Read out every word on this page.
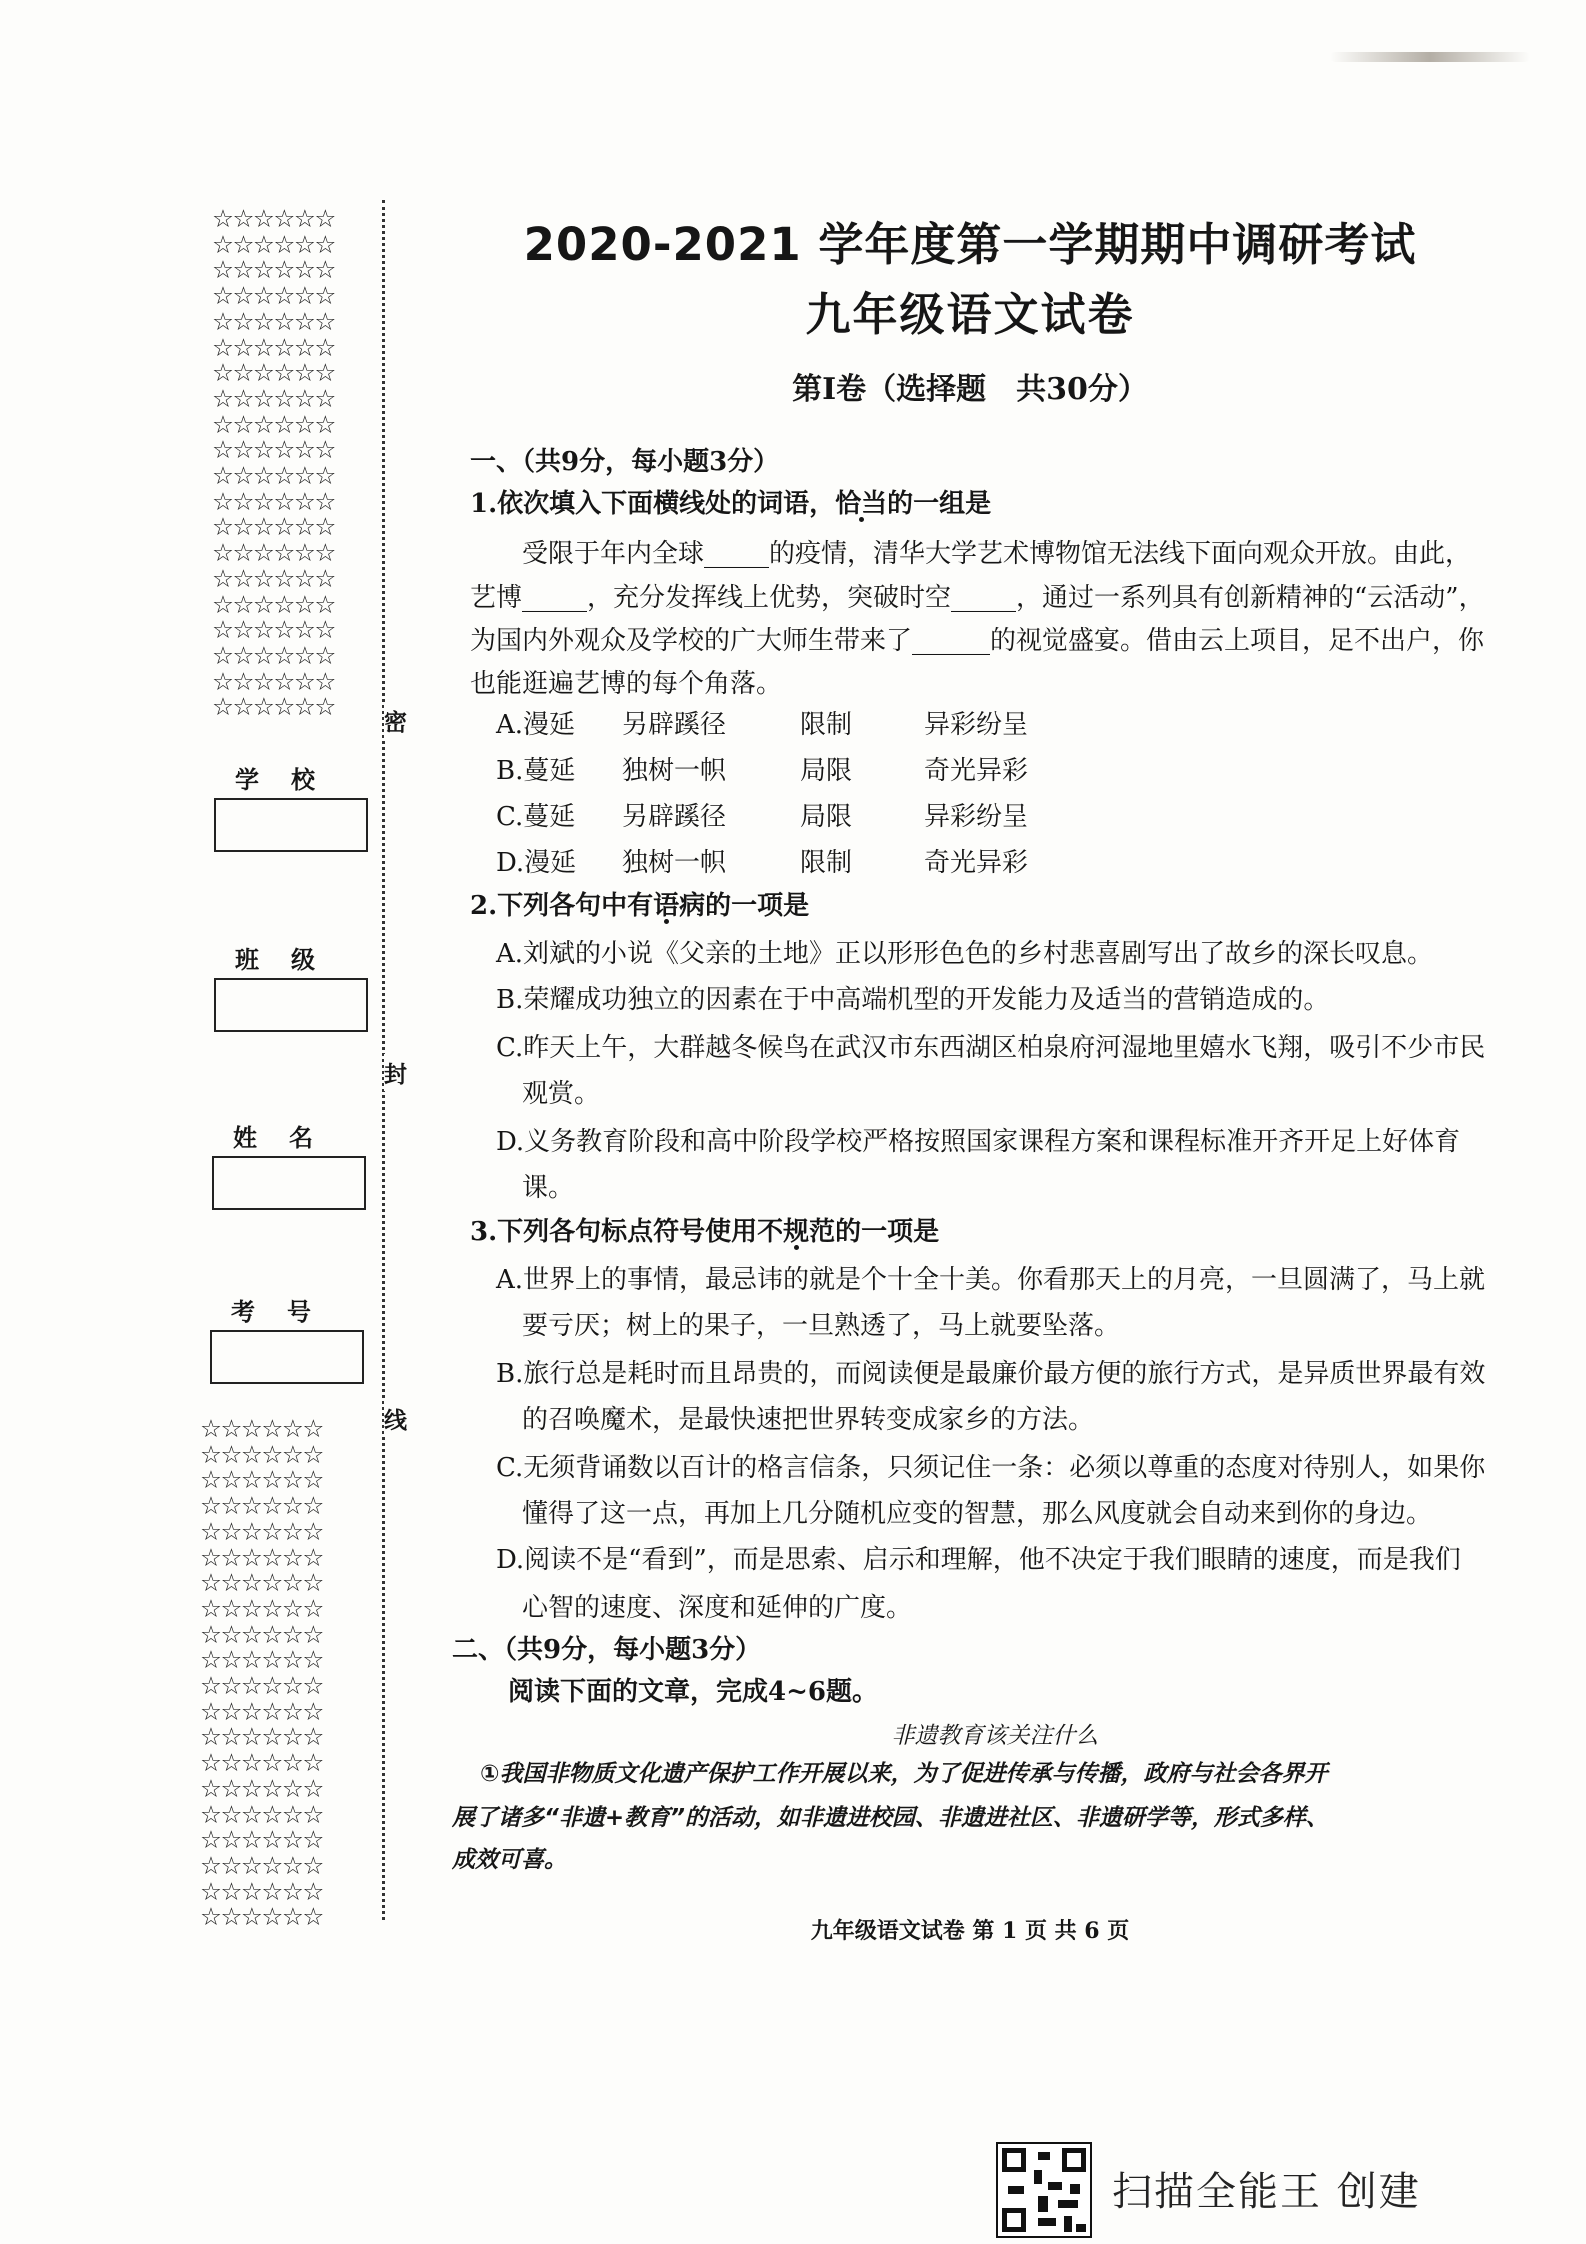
☆☆☆☆☆☆
☆☆☆☆☆☆
☆☆☆☆☆☆
☆☆☆☆☆☆
☆☆☆☆☆☆
☆☆☆☆☆☆
☆☆☆☆☆☆
☆☆☆☆☆☆
☆☆☆☆☆☆
☆☆☆☆☆☆
☆☆☆☆☆☆
☆☆☆☆☆☆
☆☆☆☆☆☆
☆☆☆☆☆☆
☆☆☆☆☆☆
☆☆☆☆☆☆
☆☆☆☆☆☆
☆☆☆☆☆☆
☆☆☆☆☆☆
☆☆☆☆☆☆
学校
班级
姓名
考号
☆☆☆☆☆☆
☆☆☆☆☆☆
☆☆☆☆☆☆
☆☆☆☆☆☆
☆☆☆☆☆☆
☆☆☆☆☆☆
☆☆☆☆☆☆
☆☆☆☆☆☆
☆☆☆☆☆☆
☆☆☆☆☆☆
☆☆☆☆☆☆
☆☆☆☆☆☆
☆☆☆☆☆☆
☆☆☆☆☆☆
☆☆☆☆☆☆
☆☆☆☆☆☆
☆☆☆☆☆☆
☆☆☆☆☆☆
☆☆☆☆☆☆
☆☆☆☆☆☆
密
封
线
2020-2021 学年度第一学期期中调研考试
九年级语文试卷
第Ⅰ卷（选择题　共30分）
一、（共9分，每小题3分）
1.依次填入下面横线处的词语，恰当的一组是
受限于年内全球_____的疫情，清华大学艺术博物馆无法线下面向观众开放。由此，
艺博_____，充分发挥线上优势，突破时空_____，通过一系列具有创新精神的“云活动”，
为国内外观众及学校的广大师生带来了______的视觉盛宴。借由云上项目，足不出户，你
也能逛遍艺博的每个角落。
A.漫延 另辟蹊径	限制	异彩纷呈
B.蔓延 独树一帜	局限	奇光异彩
C.蔓延 另辟蹊径	局限	异彩纷呈
D.漫延 独树一帜	限制	奇光异彩
2.下列各句中有语病的一项是
A.刘斌的小说《父亲的土地》正以形形色色的乡村悲喜剧写出了故乡的深长叹息。
B.荣耀成功独立的因素在于中高端机型的开发能力及适当的营销造成的。
C.昨天上午，大群越冬候鸟在武汉市东西湖区柏泉府河湿地里嬉水飞翔，吸引不少市民
观赏。
D.义务教育阶段和高中阶段学校严格按照国家课程方案和课程标准开齐开足上好体育
课。
3.下列各句标点符号使用不规范的一项是
A.世界上的事情，最忌讳的就是个十全十美。你看那天上的月亮，一旦圆满了，马上就
要亏厌；树上的果子，一旦熟透了，马上就要坠落。
B.旅行总是耗时而且昂贵的，而阅读便是最廉价最方便的旅行方式，是异质世界最有效
的召唤魔术，是最快速把世界转变成家乡的方法。
C.无须背诵数以百计的格言信条，只须记住一条：必须以尊重的态度对待别人，如果你
懂得了这一点，再加上几分随机应变的智慧，那么风度就会自动来到你的身边。
D.阅读不是“看到”，而是思索、启示和理解，他不决定于我们眼睛的速度，而是我们
心智的速度、深度和延伸的广度。
二、（共9分，每小题3分）
阅读下面的文章，完成4~6题。
非遗教育该关注什么
①我国非物质文化遗产保护工作开展以来，为了促进传承与传播，政府与社会各界开
展了诸多“非遗+教育”的活动，如非遗进校园、非遗进社区、非遗研学等，形式多样、
成效可喜。
九年级语文试卷 第 1 页 共 6 页
扫描全能王 创建
